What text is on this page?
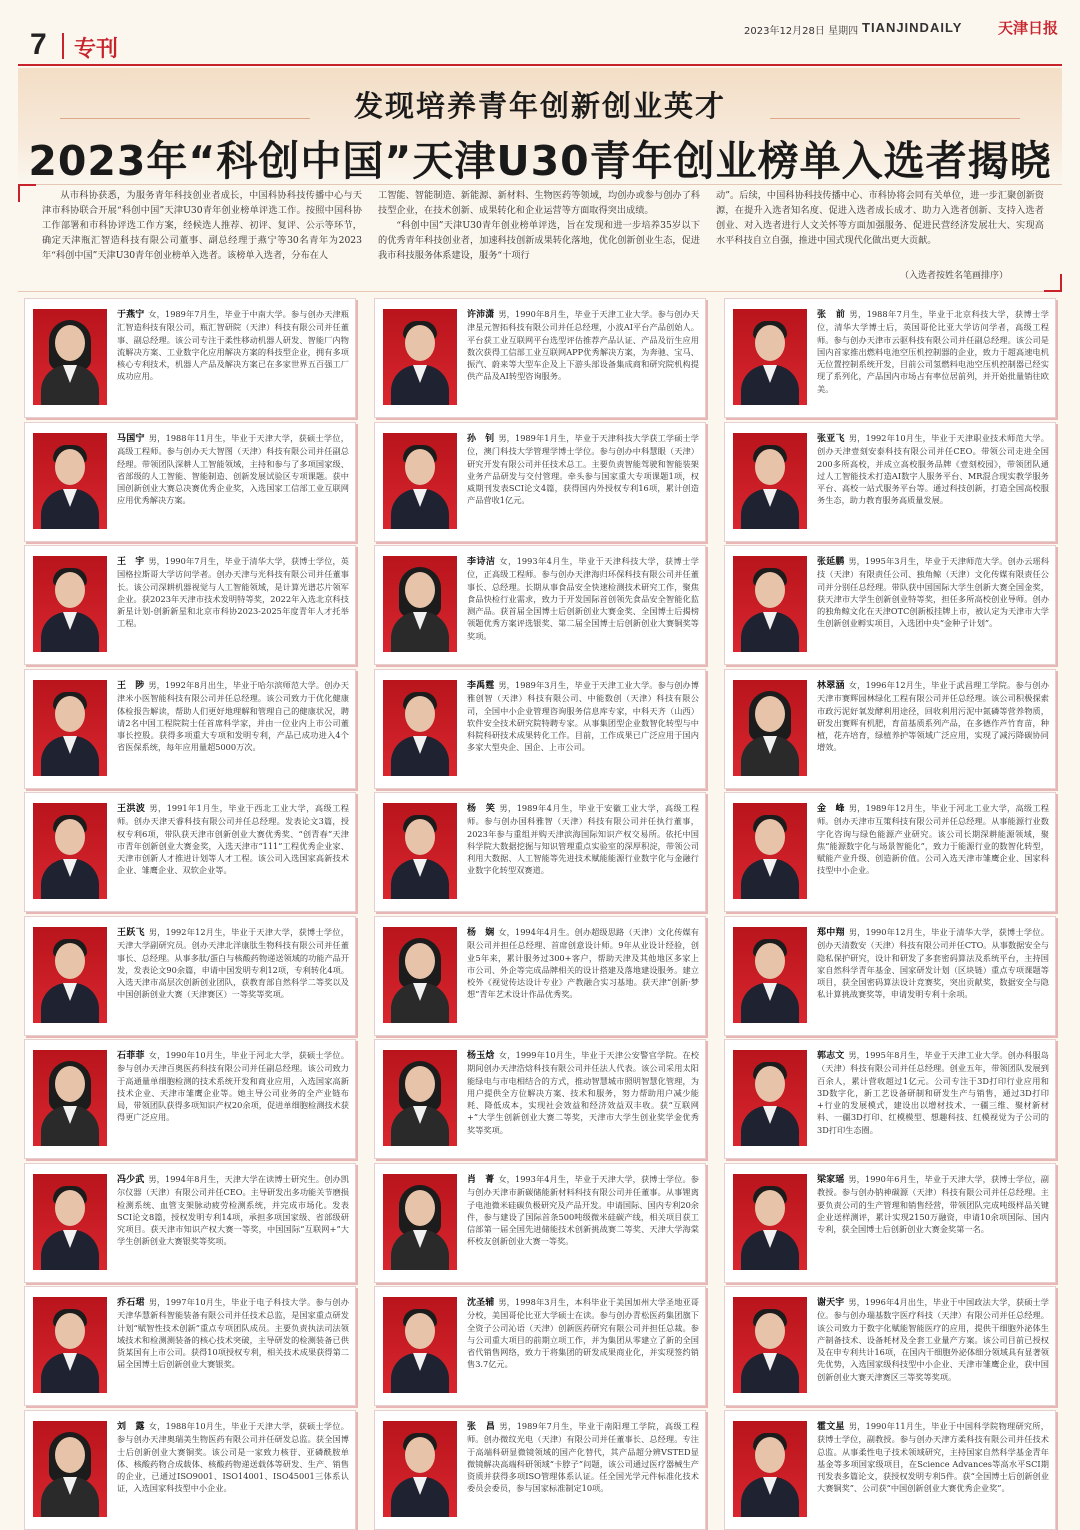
7 专刊
2023年12月28日 星期四 TIANJINDAILY 天津日报
发现培养青年创新创业英才
2023年“科创中国”天津U30青年创业榜单入选者揭晓

从市科协获悉，为服务青年科技创业者成长，中国科协科技传播中心与天津市科协联合开展“科创中国”天津U30青年创业榜单评选工作。按照中国科协工作部署和市科协评选工作方案，经候选人推荐、初评、复评、公示等环节，确定天津瓶汇智造科技有限公司董事、副总经理于燕宁等30名青年为2023年“科创中国”天津U30青年创业榜单入选者。该榜单入选者，分布在人

工智能、智能制造、新能源、新材料、生物医药等领域，均创办或参与创办了科技型企业，在技术创新、成果转化和企业运营等方面取得突出成绩。

“科创中国”天津U30青年创业榜单评选，旨在发现和进一步培养35岁以下的优秀青年科技创业者，加速科技创新成果转化落地，优化创新创业生态，促进我市科技服务体系建设，服务“十项行

动”。后续，中国科协科技传播中心、市科协将会同有关单位，进一步汇聚创新资源，在提升入选者知名度、促进入选者成长成才、助力入选者创新、支持入选者创业、对入选者进行人文关怀等方面加强服务、促进民营经济发展壮大、实现高水平科技自立自强，推进中国式现代化做出更大贡献。

（入选者按姓名笔画排序）
于燕宁 女，1989年7月生，毕业于中南大学。参与创办天津瓶汇智造科技有限公司，瓶汇智研院（天津）科技有限公司并任董事、副总经理。该公司专注于柔性移动机器人研发、智能厂内物流解决方案、工业数字化应用解决方案的科技型企业，拥有多项核心专利技术，机器人产品及解决方案已在多家世界五百强工厂成功应用。
许沛潇 男，1990年8月生，毕业于天津工业大学。参与创办天津星元智拓科技有限公司并任总经理，小波AI平台产品创始人。平台获工业互联网平台选型评估推荐产品认证、产品及衍生应用数次获得工信部工业互联网APP优秀解决方案，为奔驰、宝马、振汽、蔚来等大型车企及上下游头部设备集成商和研究院机构提供产品及AI转型咨询服务。
张　前 男，1988年7月生，毕业于北京科技大学，获博士学位，清华大学博士后，英国哥伦比亚大学访问学者，高级工程师。参与创办天津市云驱科技有限公司并任副总经理。该公司是国内首家推出燃料电池空压机控制器的企业，致力于超高速电机无位置控制系统开发，目前公司氢燃料电池空压机控制器已经实现了系列化，产品国内市场占有率位居前列，并开始批量销往欧美。
马国宁 男，1988年11月生，毕业于天津大学，获硕士学位，高级工程师。参与创办天大智图（天津）科技有限公司并任副总经理。带领团队深耕人工智能领域，主持和参与了多项国家级、省部级的人工智能、智能制造、创新发展试验区专项课题。获中国创新创业大赛总决赛优秀企业奖，入选国家工信部工业互联网应用优秀解决方案。
孙　钊 男，1989年1月生，毕业于天津科技大学获工学硕士学位，澳门科技大学管理学博士学位。参与创办中科慧眼（天津）研究开发有限公司并任技术总工。主要负责智能驾驶和智能装架业务产品研发与交付管理。牵头参与国家重大专项课题1项，权威期刊发表SCI论文4篇，获得国内外授权专利16项，累计创造产品营收1亿元。
张亚飞 男，1992年10月生，毕业于天津职业技术师范大学。创办天津壹刻安泰科技有限公司并任CEO。带领公司走进全国200多所高校，并成立高校服务品牌《壹刻校园》，带领团队通过人工智能技术打造AI数字人服务平台、MR混合现实教学服务平台、高校一站式服务平台等。通过科技创新，打造全国高校服务生态，助力教育服务高质量发展。
王　宇 男，1990年7月生，毕业于清华大学，获博士学位，英国格拉斯哥大学访问学者。创办天津与光科技有限公司并任董事长。该公司深耕机器视觉与人工智能领域，是计算光谱芯片领军企业。获2023年天津市技术发明特等奖，2022年入选北京科技新星计划-创新新星和北京市科协2023-2025年度青年人才托举工程。
李诗洁 女，1993年4月生，毕业于天津科技大学，获博士学位，正高级工程师。参与创办天津海归环保科技有限公司并任董事长、总经理。长期从事食品安全快速检测技术研究工作，聚焦食品快检行业需求，致力于开发国际首创领先食品安全智能化监测产品。获首届全国博士后创新创业大赛金奖、全国博士后揭榜领题优秀方案评选银奖、第二届全国博士后创新创业大赛铜奖等奖项。
张延鹏 男，1995年3月生，毕业于天津师范大学。创办云瑶科技（天津）有限责任公司、独角鲸（天津）文化传媒有限责任公司并分别任总经理。带队获中国国际大学生创新大赛全国金奖，获天津市大学生创新创业特等奖，担任多所高校创业导师。创办的独角鲸文化在天津OTC创新板挂牌上市，被认定为天津市大学生创新创业孵实项目，入选团中央“金种子计划”。
王　陟 男，1992年8月出生，毕业于哈尔滨师范大学。创办天津米小医智能科技有限公司并任总经理。该公司致力于优化健康体检报告解读，帮助人们更好地理解和管理自己的健康状况，聘请2名中国工程院院士任首席科学家，并由一位业内上市公司董事长控股。获得多项重大专项和发明专利，产品已成功进入4个省医保系统，每年应用量超5000万次。
李禹霆 男，1989年3月生，毕业于天津工业大学。参与创办博雅创智（天津）科技有限公司、中能数创（天津）科技有限公司，全国中小企业管理咨询服务信息库专家，中科天齐（山西）软件安全技术研究院特聘专家。从事集团型企业数智化转型与中科院科研技术成果转化工作。目前，工作成果已广泛应用于国内多家大型央企、国企、上市公司。
林翠涵 女，1996年12月生，毕业于武昌理工学院。参与创办天津市赛辉园林绿化工程有限公司并任总经理。该公司积极探索市政污泥好氧发酵利用途径，回收利用污泥中氮磷等营养物质，研发出赛辉有机肥，育苗基质系列产品，在多德作芦竹育苗，种植，花卉培育，绿植养护等领域广泛应用，实现了减污降碳协同增效。
王洪波 男，1991年1月生，毕业于西北工业大学，高级工程师。创办天津天睿科技有限公司并任总经理。发表论文3篇，授权专利6项，带队获天津市创新创业大赛优秀奖、“创青春”天津市青年创新创业大赛金奖，入选天津市“111”工程优秀企业家、天津市创新人才推进计划等人才工程。该公司入选国家高新技术企业、雏鹰企业、双软企业等。
杨　笑 男，1989年4月生，毕业于安徽工业大学，高级工程师。参与创办国科雅智（天津）科技有限公司并任执行董事，2023年参与重组并购天津滨海国际知识产权交易所。依托中国科学院大数据挖掘与知识管理重点实验室的深厚积淀，带领公司利用大数据、人工智能等先进技术赋能能源行业数字化与金融行业数字化转型双赛道。
金　峰 男，1989年12月生，毕业于河北工业大学，高级工程师。创办天津市互策科技有限公司并任总经理。从事能源行业数字化咨询与绿色能源产业研究。该公司长期深耕能源领域，聚焦“能源数字化与场景智能化”，致力于能源行业的数智化转型，赋能产业升级、创造新价值。公司入选天津市雏鹰企业、国家科技型中小企业。
王跃飞 男，1992年12月生，毕业于天津大学，获博士学位，天津大学副研究员。创办天津北洋康肽生物科技有限公司并任董事长、总经理。从事多肽/蛋白与核酸药物递送领域的功能产品开发，发表论文90余篇，申请中国发明专利12项，专利转化4项。入选天津市高层次创新创业团队，获教育部自然科学二等奖以及中国创新创业大赛（天津赛区）一等奖等奖项。
杨　娴 女，1994年4月生。创办超级思路（天津）文化传媒有限公司并担任总经理、首席创意设计师。9年从业设计经验，创业5年来，累计服务过300+客户，帮助天津及其他地区多家上市公司、外企等完成品牌相关的设计搭建及落地建设服务。建立校外《视觉传达设计专业》产教融合实习基地。获天津“创新·梦想”青年艺术设计作品优秀奖。
郑中翔 男，1990年12月生，毕业于清华大学，获博士学位。创办天清数安（天津）科技有限公司并任CTO。从事数据安全与隐私保护研究，设计和研发了多套密码算法及系统平台，主持国家自然科学青年基金、国家研发计划（区块链）重点专项课题等项目，获全国密码算法设计竞赛奖，突出贡献奖，数据安全与隐私计算挑战赛奖等，申请发明专利十余项。
石菲菲 女，1990年10月生，毕业于河北大学，获硕士学位。参与创办天津百奥医药科技有限公司并任副总经理。该公司致力于高通量单细胞检测的技术系统开发和商业应用，入选国家高新技术企业、天津市雏鹰企业等。她主导公司业务的全产业链布局，带领团队获得多项知识产权20余项，促进单细胞检测技术获得更广泛应用。
杨玉焓 女，1999年10月生，毕业于天津公安警官学院。在校期间创办天津浩焓科技有限公司并任法人代表。该公司采用太阳能绿电与市电相结合的方式，推动智慧城市照明智慧化管理，为用户提供全方位解决方案、技术和服务，努力帮助用户减少能耗、降低成本，实现社会效益和经济效益双丰收。获“互联网+”大学生创新创业大赛二等奖，天津市大学生创业奖学金优秀奖等奖项。
郭志文 男，1995年8月生，毕业于天津工业大学。创办科服岛（天津）科技有限公司并任总经理。创业五年，带领团队发展到百余人，累计营收超过1亿元。公司专注于3D打印行业应用和3D数字化，新工艺设备研制和研发生产与销售，通过3D打印+行业的发展模式，建设出以增材技术、一疆三维、聚材新材料、一疆3D打印、红模模型、想趣科技、红模视觉为子公司的3D打印生态圈。
冯少武 男，1994年8月生，天津大学在读博士研究生。创办凯尔仪器（天津）有限公司并任CEO。主导研发出多功能关节磨损检测系统、血管支架脉动疲劳检测系统，并完成市场化。发表SCI论文8篇，授权发明专利14项，承担多项国家级、省部级研究项目。获天津市知识产权大赛一等奖，中国国际“互联网+”大学生创新创业大赛银奖等奖项。
肖　菁 女，1993年4月生，毕业于天津大学，获博士学位。参与创办天津市新碳储能新材料科技有限公司并任董事。从事锂离子电池微米硅碳负极研究及产品开发。申请国际、国内专利20余件，参与建设了国际首条500吨级微米硅碳产线，相关项目获工信部第一届全国先进储能技术创新挑战赛二等奖、天津大学海棠杯校友创新创业大赛一等奖。
梁家瑶 男，1990年6月生，毕业于天津大学，获博士学位，副教授。参与创办钠神碳源（天津）科技有限公司并任总经理。主要负责公司的生产管理和销售经营，带领团队完成吨级样品关键企业送样测评，累计实现2150万融资，申请10余项国际、国内专利，获全国博士后创新创业大赛金奖第一名。
乔石珺 男，1997年10月生，毕业于电子科技大学。参与创办天津华慧新科智能装备有限公司并任技术总监，是国家重点研发计划“赋智性技术创新”重点专项团队成员。主要负责执法司法领域技术和检测测装备的核心技术突破，主导研发的检测装备已供货某国有上市公司。获得10项授权专利，相关技术成果获得第二届全国博士后创新创业大赛银奖。
沈圣辅 男，1998年3月生，本科毕业于美国加州大学圣地亚哥分校，美国哥伦比亚大学硕士在读。参与创办青松医药集团旗下全资子公司沁语（天津）创新医药研究有限公司并担任总裁。参与公司重大项目的前期立项工作，并为集团从零建立了新的全国省代销售网络，致力于将集团的研发成果商业化，并实现签约销售3.7亿元。
谢天宇 男，1996年4月出生，毕业于中国政法大学，获硕士学位。参与创办瑞基数字医疗科技（天津）有限公司并任总经理。该公司致力于数字化赋能智能医疗的应用，提供干细胞外泌体生产制备技术、设备耗材及全套工业量产方案。该公司目前已授权及在申专利共计16项，在国内干细胞外泌体细分领域具有显著领先优势，入选国家级科技型中小企业、天津市雏鹰企业，获中国创新创业大赛天津赛区三等奖等奖项。
刘　露 女，1988年10月生，毕业于天津大学，获硕士学位。参与创办天津奥瑞美生物医药有限公司并任研发总监。获全国博士后创新创业大赛铜奖。该公司是一家致力核苷、亚磷酰胺单体、核酸药物合成载体、核酸药物递送载体等研发、生产、销售的企业，已通过ISO9001、ISO14001、ISO45001三体系认证，入选国家科技型中小企业。
张　昌 男，1989年7月生，毕业于南阳理工学院，高级工程师。创办微纹光电（天津）有限公司并任董事长、总经理。专注于高端科研显微镜领域的国产化替代，其产品超分辨VSTED显微镜解决高端科研领域“卡脖子”问题，该公司通过医疗器械生产资质并获得多项ISO管理体系认证。任全国光学元件标准化技术委员会委员，参与国家标准制定10项。
霍文星 男，1990年11月生，毕业于中国科学院物理研究所，获博士学位，副教授。参与创办天津方柔科技有限公司并任技术总监。从事柔性电子技术领域研究，主持国家自然科学基金青年基金等多项国家级项目，在Science Advances等高水平SCI期刊发表多篇论文，获授权发明专利5件。获“全国博士后创新创业大赛铜奖”、公司获“中国创新创业大赛优秀企业奖”。
